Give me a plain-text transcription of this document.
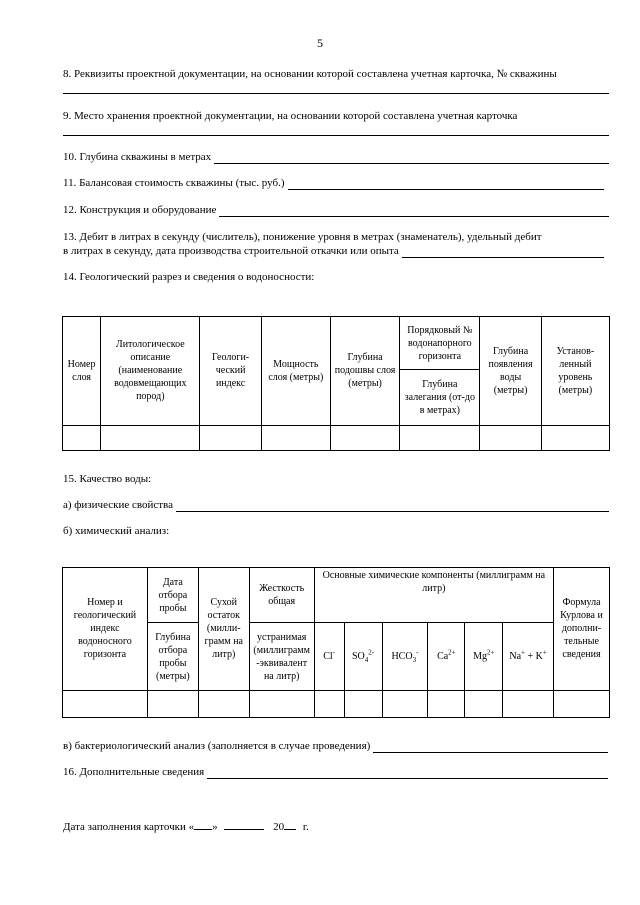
5
8. Реквизиты проектной документации, на основании которой составлена учетная карточка, № скважины
9. Место хранения проектной документации, на основании которой составлена учетная карточка
10. Глубина скважины в метрах
11. Балансовая стоимость скважины (тыс. руб.)
12. Конструкция и оборудование
13. Дебит в литрах в секунду (числитель), понижение уровня в метрах (знаменатель), удельный дебит
в литрах в секунду, дата производства строительной откачки или опыта
14. Геологический разрез и сведения о водоносности:
Номер слоя	Литологическое описание (наименование водовмещающих пород)	Геологи-ческий индекс	Мощность слоя (метры)	Глубина подошвы слоя (метры)	Порядковый № водонапорного горизонта	Глубина появления воды (метры)	Установ-ленный уровень (метры)
					Глубина залегания (от-до в метрах)		

15. Качество воды:
а) физические свойства
б) химический анализ:
Номер и геологический индекс водоносного горизонта	Дата отбора пробы	Сухой остаток (милли-грамм на литр)	Жесткость общая	Основные химические компоненты (миллиграмм на литр)						Формула Курлова и дополни-тельные сведения
	Глубина отбора пробы (метры)		устранимая (миллиграмм -эквивалент на литр)	Cl-	$SO_4^{2-}$	$HCO_3^-$	$Ca^{2+}$	$Mg^{2+}$	Na+ + K+

в) бактериологический анализ (заполняется в случае проведения)
16. Дополнительные сведения
Дата заполнения карточки « »	20 г.
